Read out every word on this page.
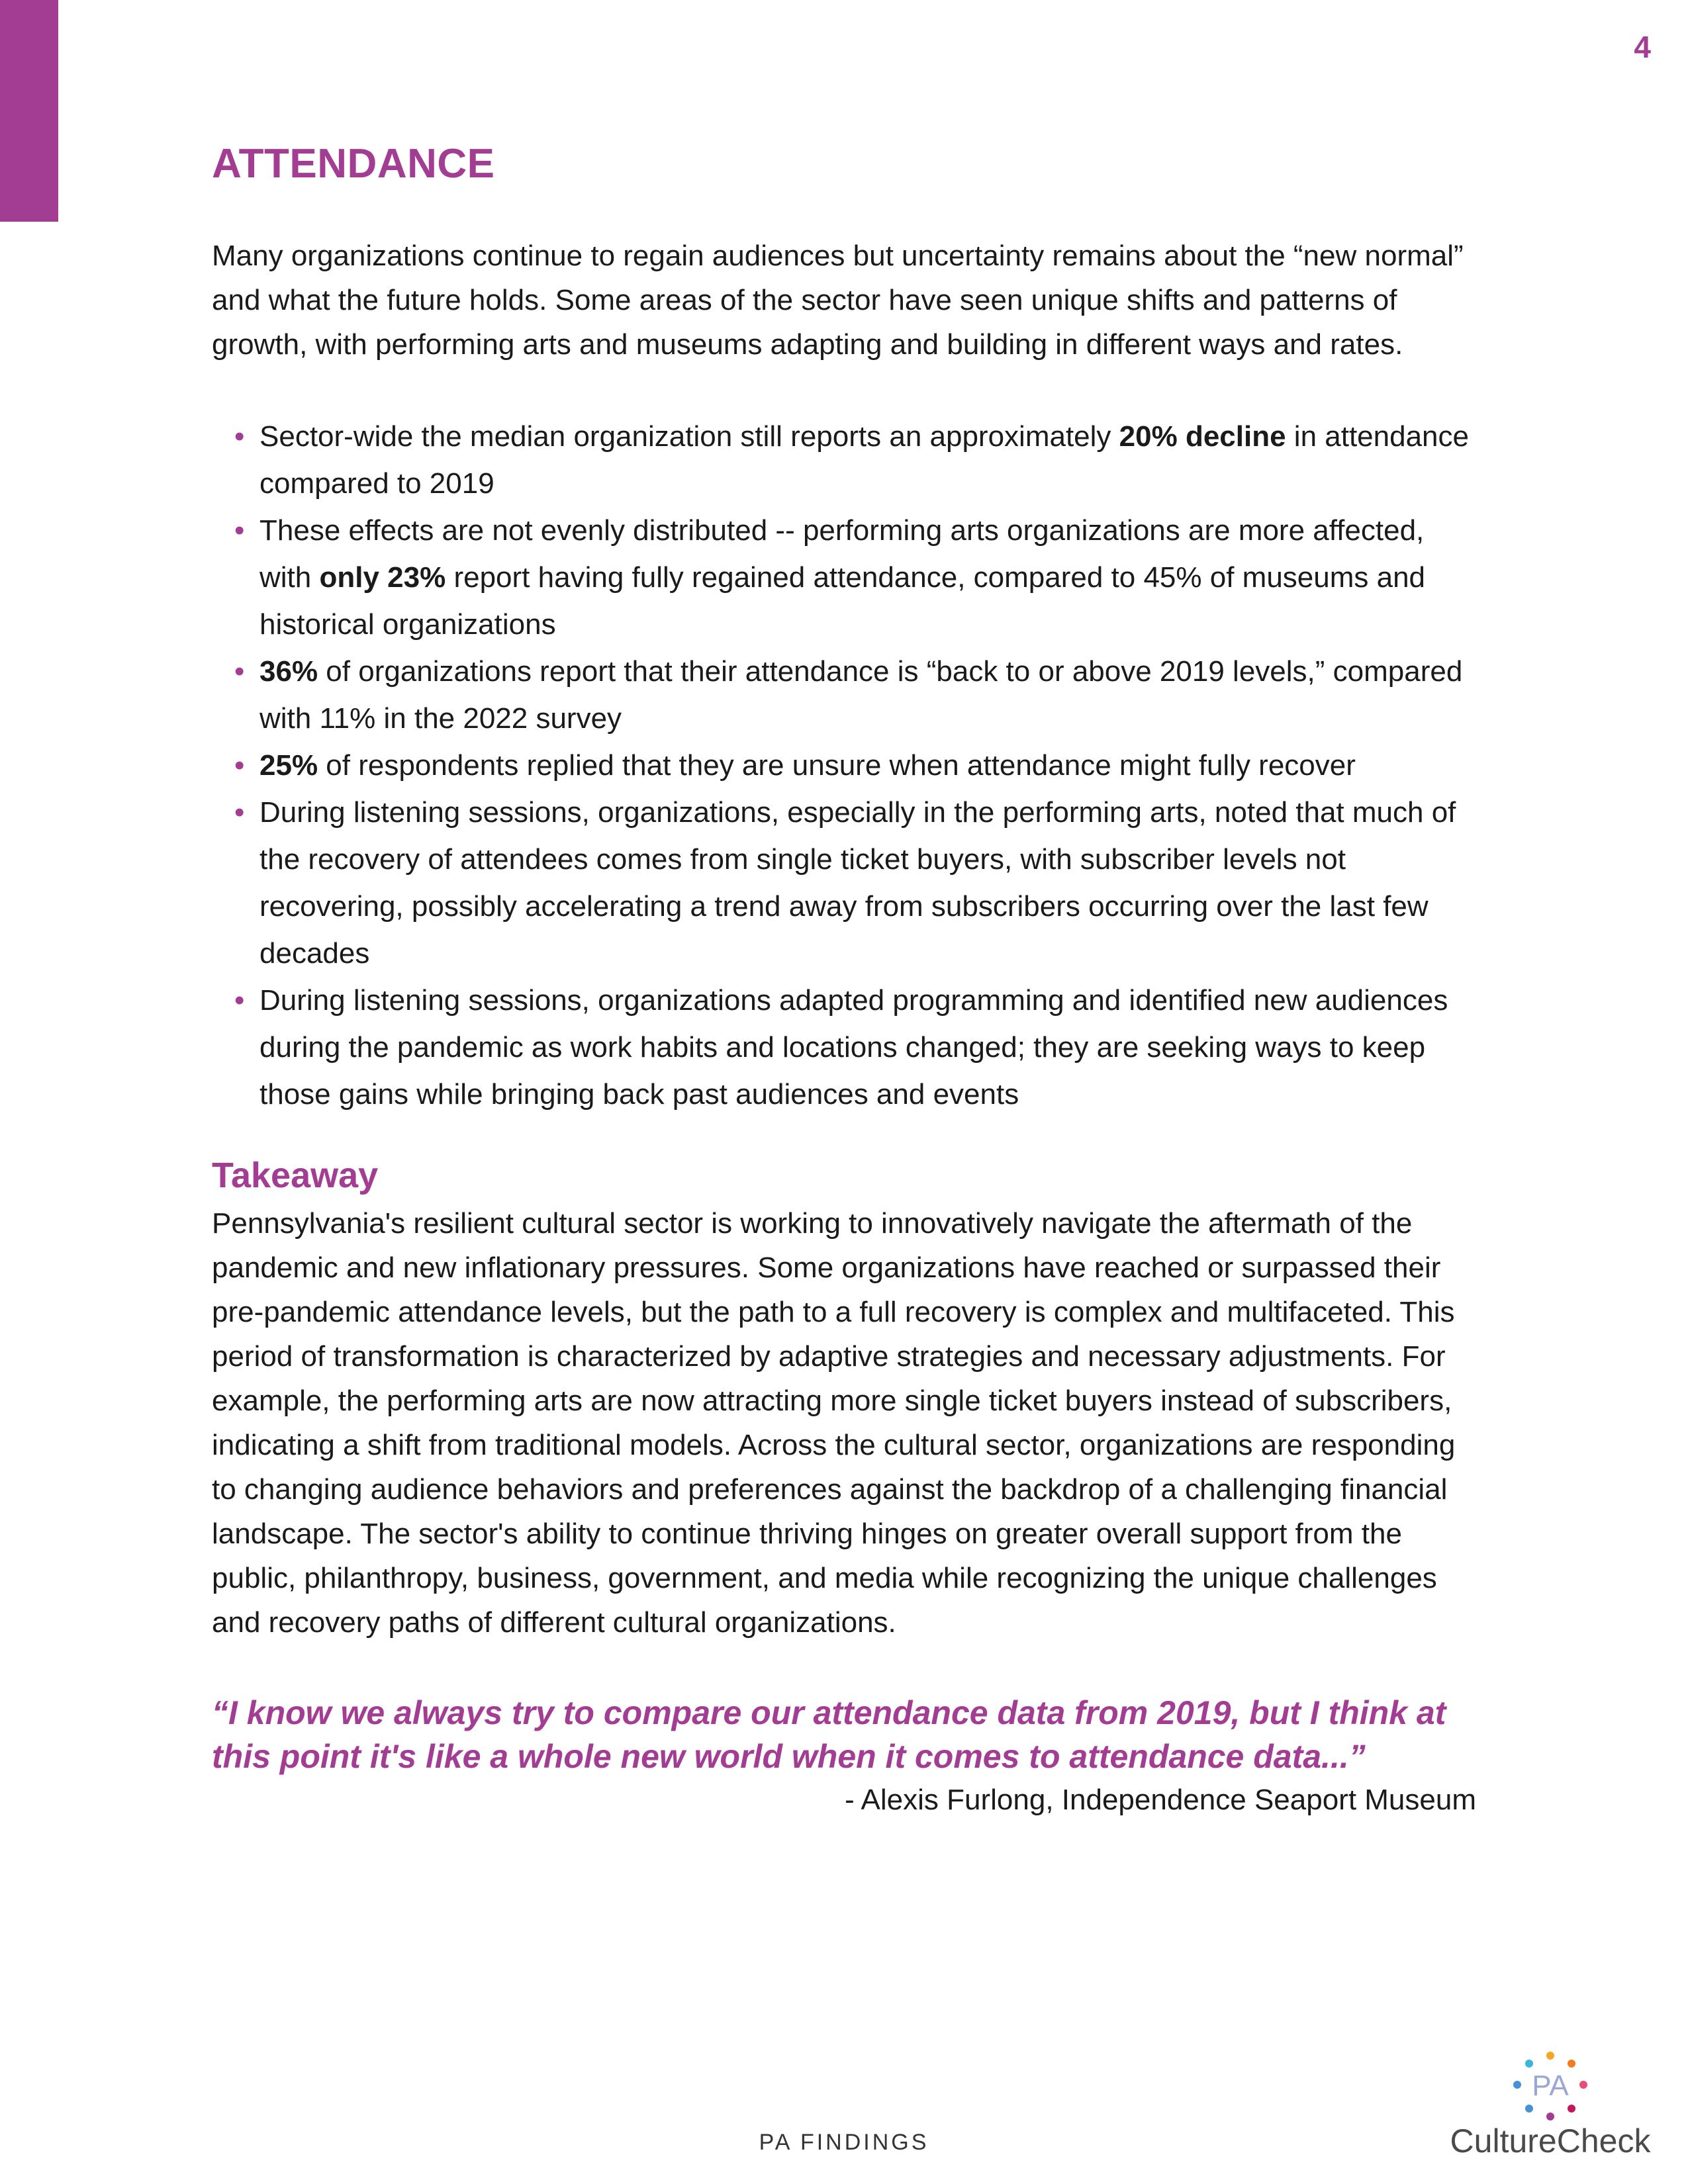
4
ATTENDANCE

Many organizations continue to regain audiences but uncertainty remains about the “new normal” and what the future holds. Some areas of the sector have seen unique shifts and patterns of growth, with performing arts and museums adapting and building in different ways and rates.

• Sector-wide the median organization still reports an approximately 20% decline in attendance compared to 2019
• These effects are not evenly distributed -- performing arts organizations are more affected, with only 23% report having fully regained attendance, compared to 45% of museums and historical organizations
• 36% of organizations report that their attendance is “back to or above 2019 levels,” compared with 11% in the 2022 survey
• 25% of respondents replied that they are unsure when attendance might fully recover
• During listening sessions, organizations, especially in the performing arts, noted that much of the recovery of attendees comes from single ticket buyers, with subscriber levels not recovering, possibly accelerating a trend away from subscribers occurring over the last few decades
• During listening sessions, organizations adapted programming and identified new audiences during the pandemic as work habits and locations changed; they are seeking ways to keep those gains while bringing back past audiences and events
Takeaway

Pennsylvania's resilient cultural sector is working to innovatively navigate the aftermath of the pandemic and new inflationary pressures. Some organizations have reached or surpassed their pre-pandemic attendance levels, but the path to a full recovery is complex and multifaceted. This period of transformation is characterized by adaptive strategies and necessary adjustments. For example, the performing arts are now attracting more single ticket buyers instead of subscribers, indicating a shift from traditional models. Across the cultural sector, organizations are responding to changing audience behaviors and preferences against the backdrop of a challenging financial landscape. The sector's ability to continue thriving hinges on greater overall support from the public, philanthropy, business, government, and media while recognizing the unique challenges and recovery paths of different cultural organizations.

“I know we always try to compare our attendance data from 2019, but I think at this point it's like a whole new world when it comes to attendance data...”

- Alexis Furlong, Independence Seaport Museum

PA FINDINGS
PA
CultureCheck
